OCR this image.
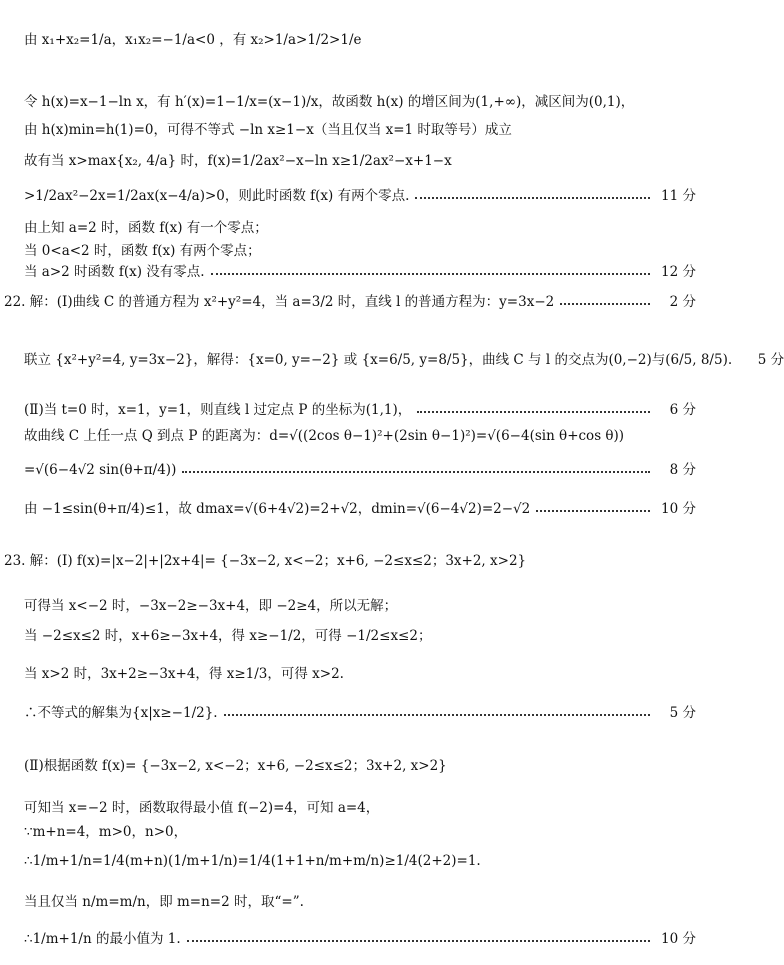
由 x₁+x₂=1/a，x₁x₂=−1/a<0 ，有 x₂>1/a>1/2>1/e
令 h(x)=x−1−ln x，有 h′(x)=1−1/x=(x−1)/x，故函数 h(x) 的增区间为(1,+∞)，减区间为(0,1)，
由 h(x)min=h(1)=0，可得不等式 −ln x≥1−x（当且仅当 x=1 时取等号）成立
故有当 x>max{x₂, 4/a} 时，f(x)=1/2ax²−x−ln x≥1/2ax²−x+1−x
>1/2ax²−2x=1/2ax(x−4/a)>0，则此时函数 f(x) 有两个零点.	11 分
由上知 a=2 时，函数 f(x) 有一个零点；
当 0<a<2 时，函数 f(x) 有两个零点；
当 a>2 时函数 f(x) 没有零点.	12 分
22. 解：(Ⅰ)曲线 C 的普通方程为 x²+y²=4，当 a=3/2 时，直线 l 的普通方程为：y=3x−2	2 分
联立 {x²+y²=4, y=3x−2}，解得：{x=0, y=−2} 或 {x=6/5, y=8/5}，曲线 C 与 l 的交点为(0,−2)与(6/5, 8/5).	5 分
(Ⅱ)当 t=0 时，x=1，y=1，则直线 l 过定点 P 的坐标为(1,1)，	6 分
故曲线 C 上任一点 Q 到点 P 的距离为：d=√((2cos θ−1)²+(2sin θ−1)²)=√(6−4(sin θ+cos θ))
=√(6−4√2 sin(θ+π/4))	8 分
由 −1≤sin(θ+π/4)≤1，故 dmax=√(6+4√2)=2+√2，dmin=√(6−4√2)=2−√2	10 分
23. 解：(Ⅰ) f(x)=|x−2|+|2x+4|= {−3x−2, x<−2；x+6, −2≤x≤2；3x+2, x>2}
可得当 x<−2 时，−3x−2≥−3x+4，即 −2≥4，所以无解；
当 −2≤x≤2 时，x+6≥−3x+4，得 x≥−1/2，可得 −1/2≤x≤2；
当 x>2 时，3x+2≥−3x+4，得 x≥1/3，可得 x>2.
∴不等式的解集为{x|x≥−1/2}.	5 分
(Ⅱ)根据函数 f(x)= {−3x−2, x<−2；x+6, −2≤x≤2；3x+2, x>2}
可知当 x=−2 时，函数取得最小值 f(−2)=4，可知 a=4，
∵m+n=4，m>0，n>0，
∴1/m+1/n=1/4(m+n)(1/m+1/n)=1/4(1+1+n/m+m/n)≥1/4(2+2)=1.
当且仅当 n/m=m/n，即 m=n=2 时，取“=”.
∴1/m+1/n 的最小值为 1.	10 分
